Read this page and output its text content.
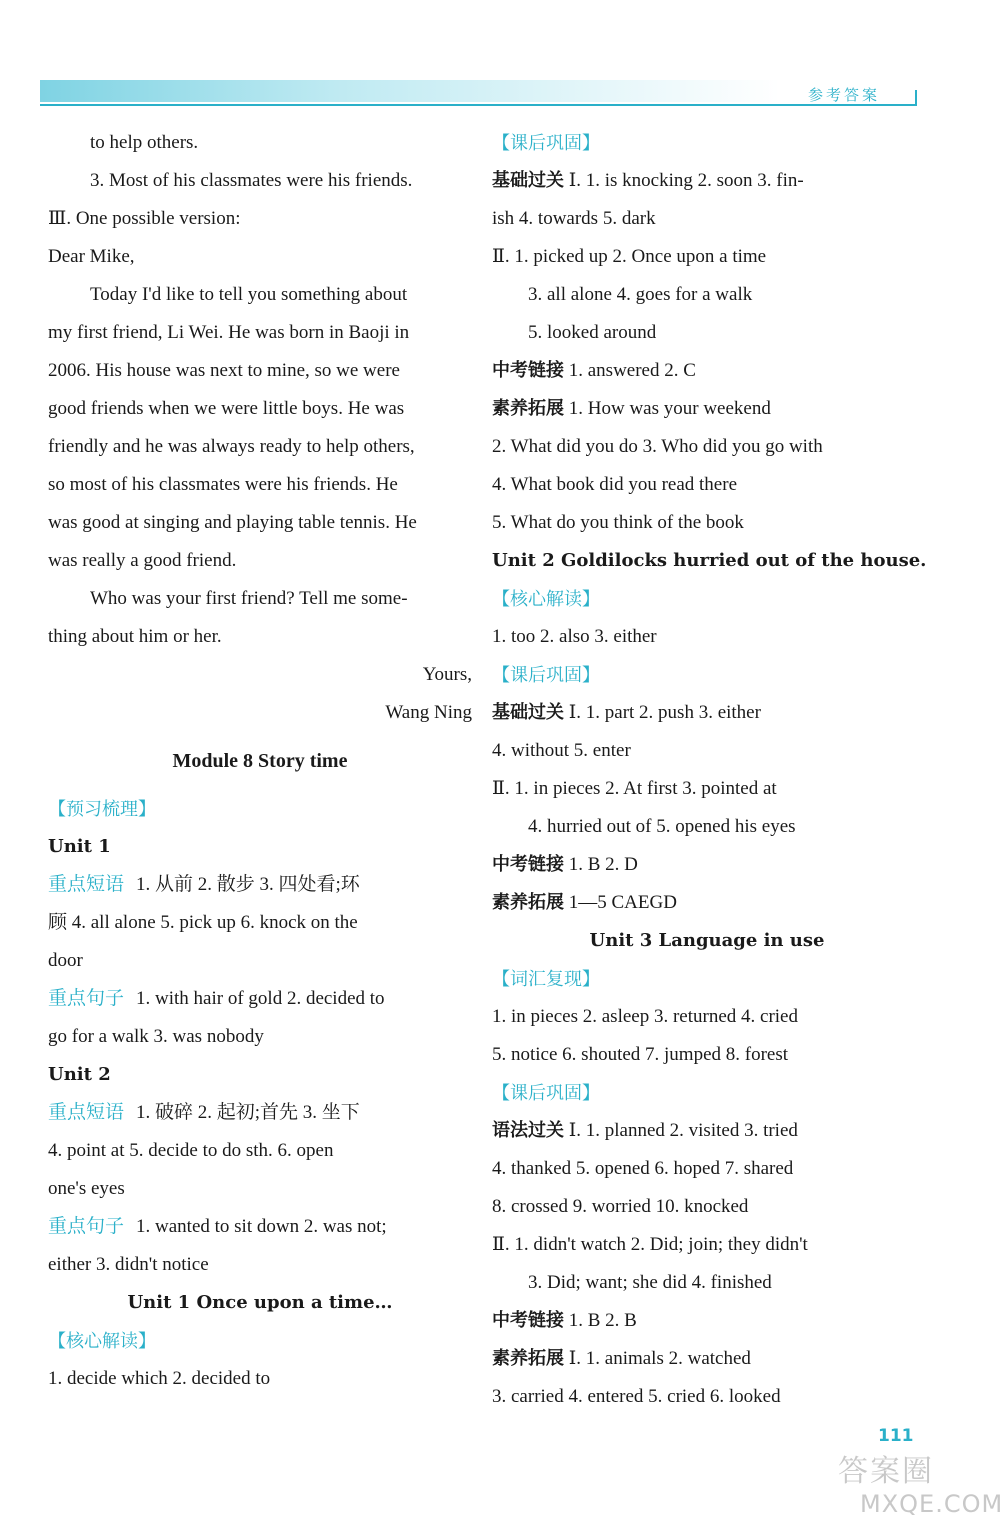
参考答案
to help others.
3. Most of his classmates were his friends.
Ⅲ. One possible version:
Dear Mike,
Today I'd like to tell you something about
my first friend, Li Wei. He was born in Baoji in
2006. His house was next to mine, so we were
good friends when we were little boys. He was
friendly and he was always ready to help others,
so most of his classmates were his friends. He
was good at singing and playing table tennis. He
was really a good friend.
Who was your first friend? Tell me some-
thing about him or her.
Yours,
Wang Ning
Module 8 Story time
【预习梳理】
Unit 1
重点短语 1. 从前 2. 散步 3. 四处看;环
顾 4. all alone 5. pick up 6. knock on the
door
重点句子 1. with hair of gold 2. decided to
go for a walk 3. was nobody
Unit 2
重点短语 1. 破碎 2. 起初;首先 3. 坐下
4. point at 5. decide to do sth. 6. open
one's eyes
重点句子 1. wanted to sit down 2. was not;
either 3. didn't notice
Unit 1 Once upon a time…
【核心解读】
1. decide which 2. decided to
【课后巩固】
基础过关 Ⅰ. 1. is knocking 2. soon 3. fin-
ish 4. towards 5. dark
Ⅱ. 1. picked up 2. Once upon a time
3. all alone 4. goes for a walk
5. looked around
中考链接 1. answered 2. C
素养拓展 1. How was your weekend
2. What did you do 3. Who did you go with
4. What book did you read there
5. What do you think of the book
Unit 2 Goldilocks hurried out of the house.
【核心解读】
1. too 2. also 3. either
【课后巩固】
基础过关 Ⅰ. 1. part 2. push 3. either
4. without 5. enter
Ⅱ. 1. in pieces 2. At first 3. pointed at
4. hurried out of 5. opened his eyes
中考链接 1. B 2. D
素养拓展 1—5 CAEGD
Unit 3 Language in use
【词汇复现】
1. in pieces 2. asleep 3. returned 4. cried
5. notice 6. shouted 7. jumped 8. forest
【课后巩固】
语法过关 Ⅰ. 1. planned 2. visited 3. tried
4. thanked 5. opened 6. hoped 7. shared
8. crossed 9. worried 10. knocked
Ⅱ. 1. didn't watch 2. Did; join; they didn't
3. Did; want; she did 4. finished
中考链接 1. B 2. B
素养拓展 Ⅰ. 1. animals 2. watched
3. carried 4. entered 5. cried 6. looked
111
答案圈
MXQE.COM
